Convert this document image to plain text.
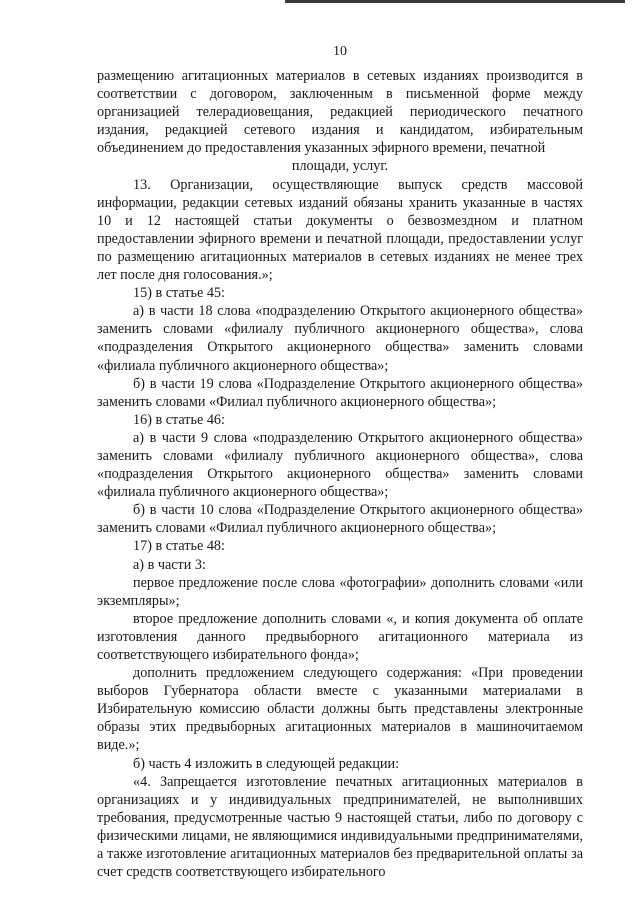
10

размещению агитационных материалов в сетевых изданиях производится в соответствии с договором, заключенным в письменной форме между организацией телерадиовещания, редакцией периодического печатного издания, редакцией сетевого издания и кандидатом, избирательным объединением до предоставления указанных эфирного времени, печатной

площади, услуг.

13. Организации, осуществляющие выпуск средств массовой информации, редакции сетевых изданий обязаны хранить указанные в частях 10 и 12 настоящей статьи документы о безвозмездном и платном предоставлении эфирного времени и печатной площади, предоставлении услуг по размещению агитационных материалов в сетевых изданиях не менее трех лет после дня голосования.»;

15) в статье 45:

а) в части 18 слова «подразделению Открытого акционерного общества» заменить словами «филиалу публичного акционерного общества», слова «подразделения Открытого акционерного общества» заменить словами «филиала публичного акционерного общества»;

б) в части 19 слова «Подразделение Открытого акционерного общества» заменить словами «Филиал публичного акционерного общества»;

16) в статье 46:

а) в части 9 слова «подразделению Открытого акционерного общества» заменить словами «филиалу публичного акционерного общества», слова «подразделения Открытого акционерного общества» заменить словами «филиала публичного акционерного общества»;

б) в части 10 слова «Подразделение Открытого акционерного общества» заменить словами «Филиал публичного акционерного общества»;

17) в статье 48:

а) в части 3:

первое предложение после слова «фотографии» дополнить словами «или экземпляры»;

второе предложение дополнить словами «, и копия документа об оплате изготовления данного предвыборного агитационного материала из соответствующего избирательного фонда»;

дополнить предложением следующего содержания: «При проведении выборов Губернатора области вместе с указанными материалами в Избирательную комиссию области должны быть представлены электронные образы этих предвыборных агитационных материалов в машиночитаемом виде.»;

б) часть 4 изложить в следующей редакции:

«4. Запрещается изготовление печатных агитационных материалов в организациях и у индивидуальных предпринимателей, не выполнивших требования, предусмотренные частью 9 настоящей статьи, либо по договору с физическими лицами, не являющимися индивидуальными предпринимателями, а также изготовление агитационных материалов без предварительной оплаты за счет средств соответствующего избирательного
